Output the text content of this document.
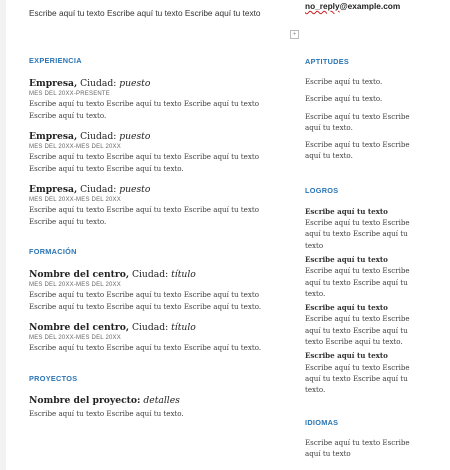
Escribe aquí tu texto Escribe aquí tu texto Escribe aquí tu texto
no_reply@example.com
+

EXPERIENCIA

Empresa, Ciudad: puesto

MES DEL 20XX-PRESENTE

Escribe aquí tu texto Escribe aquí tu texto Escribe aquí tu texto Escribe aquí tu texto.

Empresa, Ciudad: puesto

MES DEL 20XX-MES DEL 20XX

Escribe aquí tu texto Escribe aquí tu texto Escribe aquí tu texto Escribe aquí tu texto Escribe aquí tu texto.

Empresa, Ciudad: puesto

MES DEL 20XX-MES DEL 20XX

Escribe aquí tu texto Escribe aquí tu texto Escribe aquí tu texto Escribe aquí tu texto.

FORMACIÓN

Nombre del centro, Ciudad: título

MES DEL 20XX-MES DEL 20XX

Escribe aquí tu texto Escribe aquí tu texto Escribe aquí tu texto Escribe aquí tu texto Escribe aquí tu texto Escribe aquí tu texto.

Nombre del centro, Ciudad: título

MES DEL 20XX-MES DEL 20XX

Escribe aquí tu texto Escribe aquí tu texto Escribe aquí tu texto.

PROYECTOS

Nombre del proyecto: detalles

Escribe aquí tu texto Escribe aquí tu texto.

APTITUDES

Escribe aquí tu texto.

Escribe aquí tu texto.

Escribe aquí tu texto Escribe aquí tu texto.

Escribe aquí tu texto Escribe aquí tu texto.

LOGROS

Escribe aquí tu texto Escribe aquí tu texto Escribe aquí tu texto Escribe aquí tu texto

Escribe aquí tu texto Escribe aquí tu texto Escribe aquí tu texto Escribe aquí tu texto.

Escribe aquí tu texto Escribe aquí tu texto Escribe aquí tu texto Escribe aquí tu texto Escribe aquí tu texto.

Escribe aquí tu texto Escribe aquí tu texto Escribe aquí tu texto Escribe aquí tu texto.

IDIOMAS

Escribe aquí tu texto Escribe aquí tu texto
